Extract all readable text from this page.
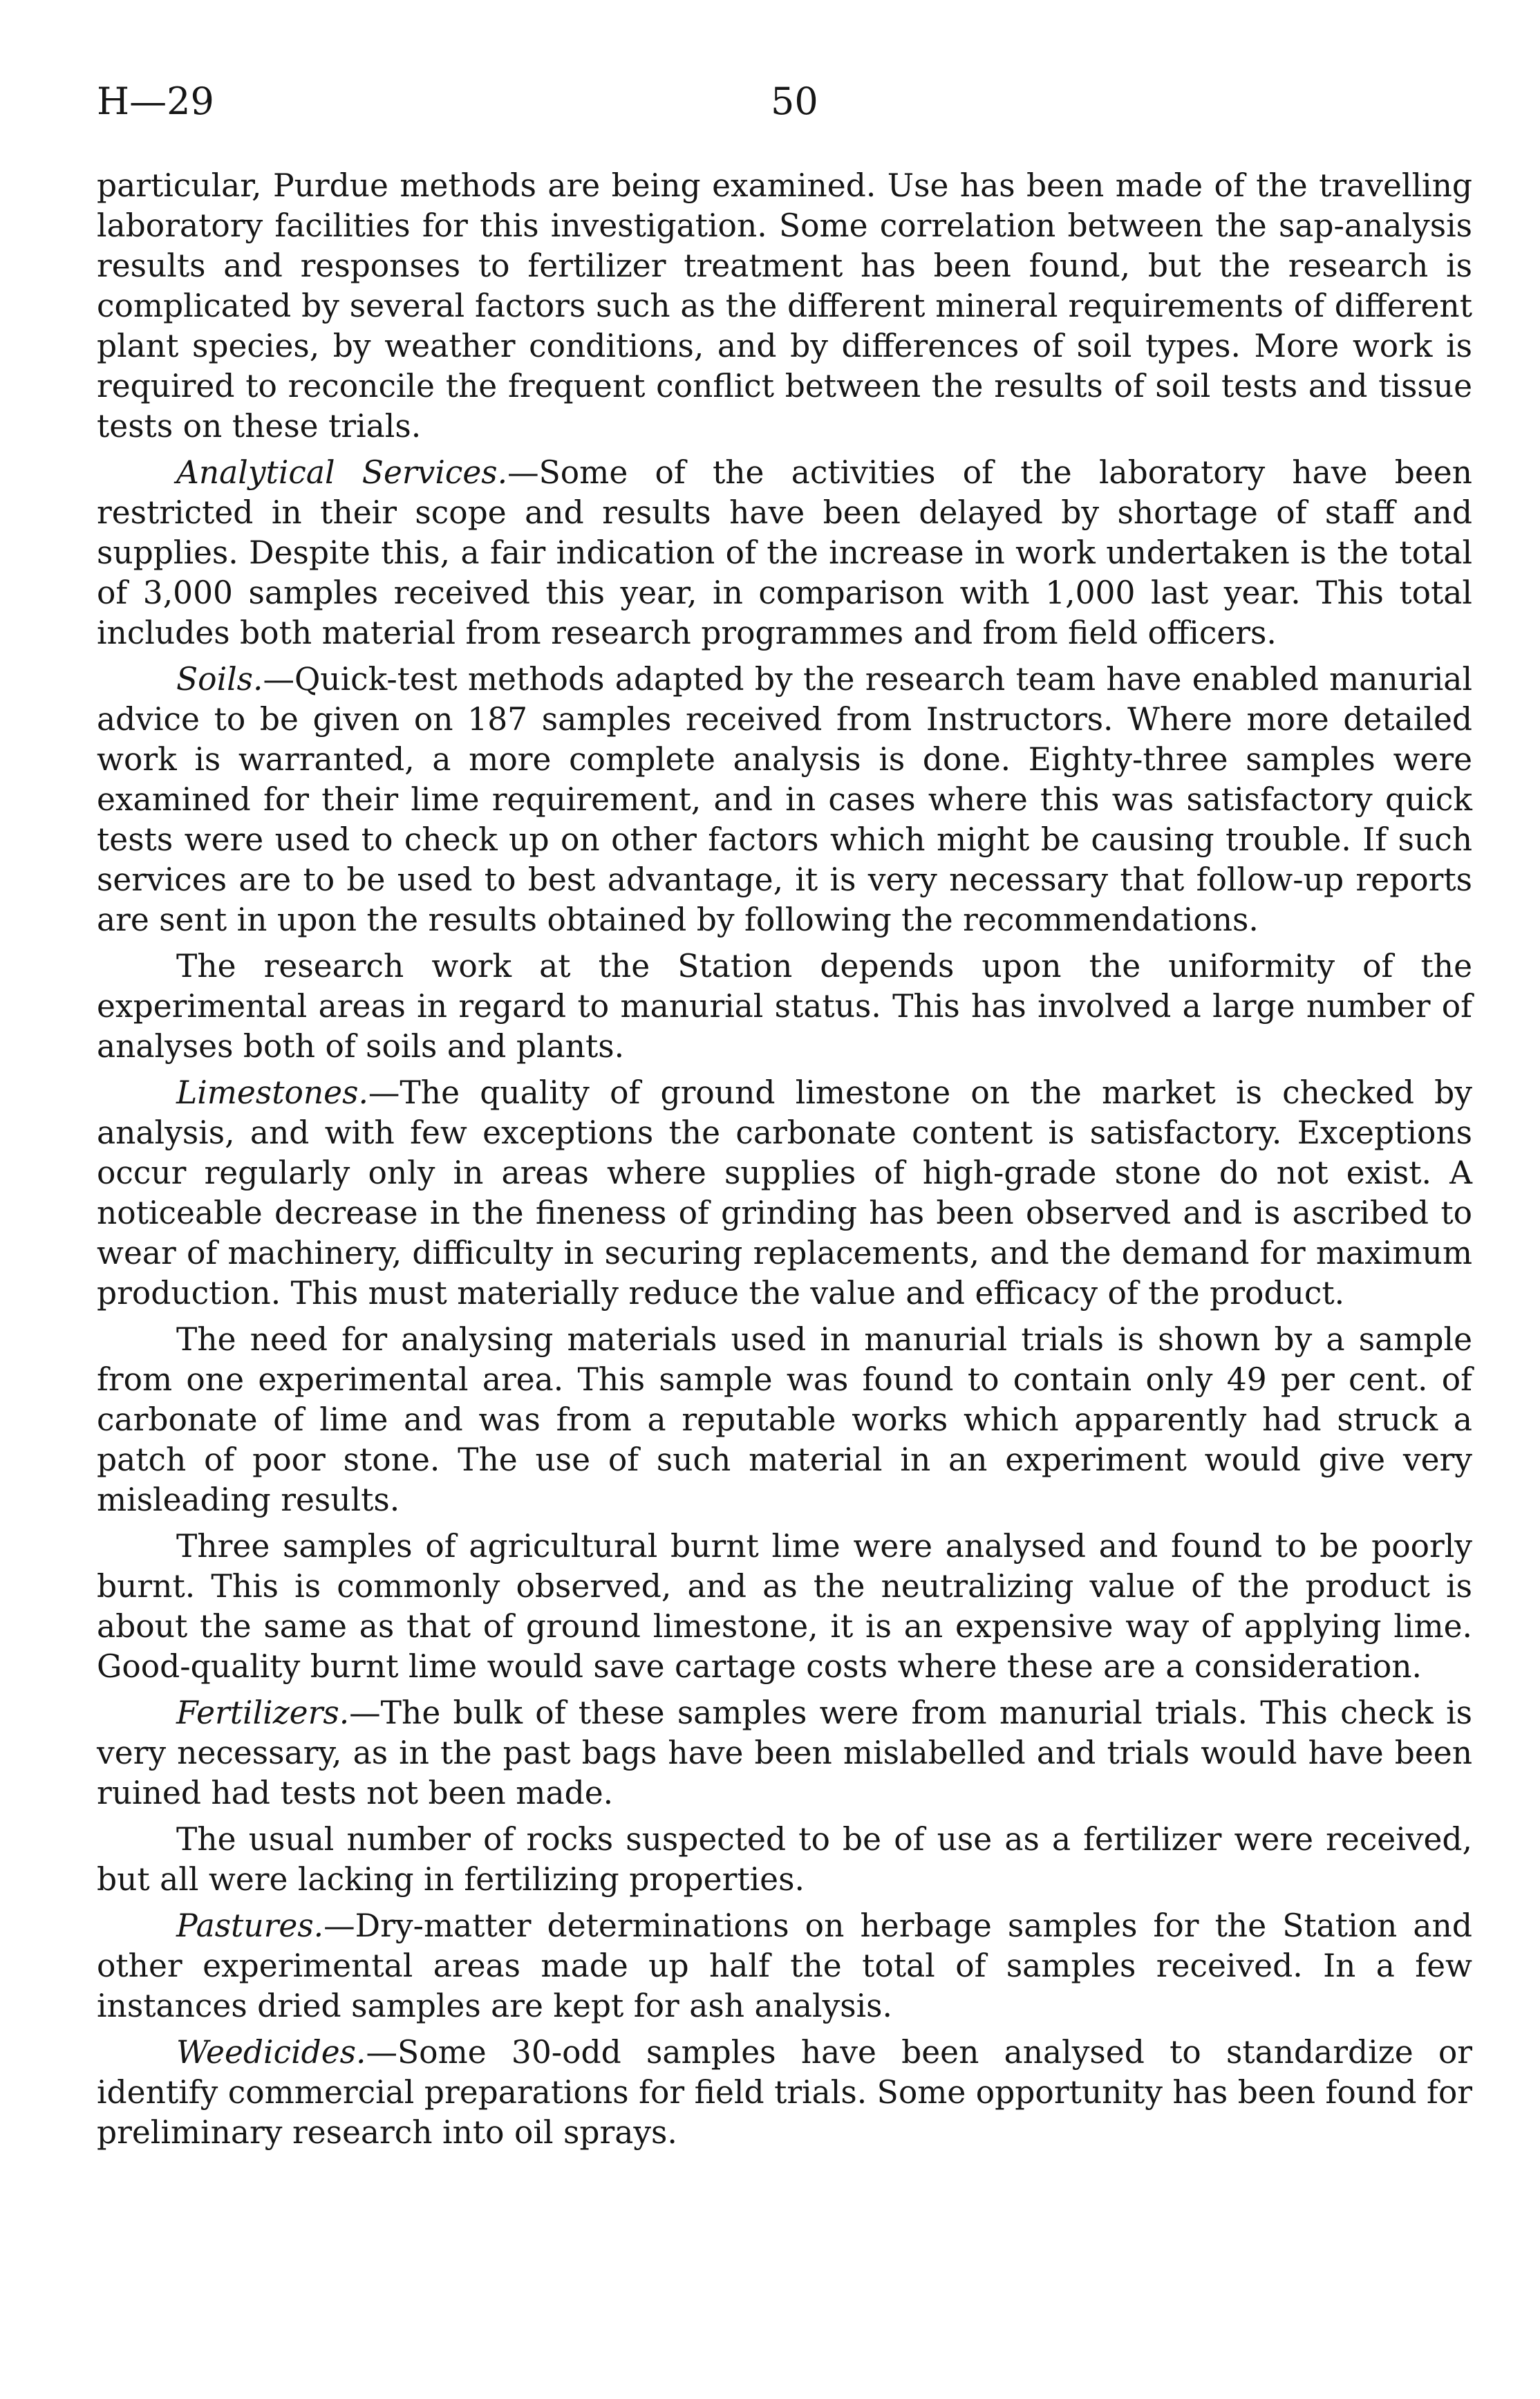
H—29	50

particular, Purdue methods are being examined. Use has been made of the travelling laboratory facilities for this investigation. Some correlation between the sap-analysis results and responses to fertilizer treatment has been found, but the research is complicated by several factors such as the different mineral requirements of different plant species, by weather conditions, and by differences of soil types. More work is required to reconcile the frequent conflict between the results of soil tests and tissue tests on these trials.

Analytical Services.—Some of the activities of the laboratory have been restricted in their scope and results have been delayed by shortage of staff and supplies. Despite this, a fair indication of the increase in work undertaken is the total of 3,000 samples received this year, in comparison with 1,000 last year. This total includes both material from research programmes and from field officers.

Soils.—Quick-test methods adapted by the research team have enabled manurial advice to be given on 187 samples received from Instructors. Where more detailed work is warranted, a more complete analysis is done. Eighty-three samples were examined for their lime requirement, and in cases where this was satisfactory quick tests were used to check up on other factors which might be causing trouble. If such services are to be used to best advantage, it is very necessary that follow-up reports are sent in upon the results obtained by following the recommendations.

The research work at the Station depends upon the uniformity of the experimental areas in regard to manurial status. This has involved a large number of analyses both of soils and plants.

Limestones.—The quality of ground limestone on the market is checked by analysis, and with few exceptions the carbonate content is satisfactory. Exceptions occur regularly only in areas where supplies of high-grade stone do not exist. A noticeable decrease in the fineness of grinding has been observed and is ascribed to wear of machinery, difficulty in securing replacements, and the demand for maximum production. This must materially reduce the value and efficacy of the product.

The need for analysing materials used in manurial trials is shown by a sample from one experimental area. This sample was found to contain only 49 per cent. of carbonate of lime and was from a reputable works which apparently had struck a patch of poor stone. The use of such material in an experiment would give very misleading results.

Three samples of agricultural burnt lime were analysed and found to be poorly burnt. This is commonly observed, and as the neutralizing value of the product is about the same as that of ground limestone, it is an expensive way of applying lime. Good-quality burnt lime would save cartage costs where these are a consideration.

Fertilizers.—The bulk of these samples were from manurial trials. This check is very necessary, as in the past bags have been mislabelled and trials would have been ruined had tests not been made.

The usual number of rocks suspected to be of use as a fertilizer were received, but all were lacking in fertilizing properties.

Pastures.—Dry-matter determinations on herbage samples for the Station and other experimental areas made up half the total of samples received. In a few instances dried samples are kept for ash analysis.

Weedicides.—Some 30-odd samples have been analysed to standardize or identify commercial preparations for field trials. Some opportunity has been found for preliminary research into oil sprays.
